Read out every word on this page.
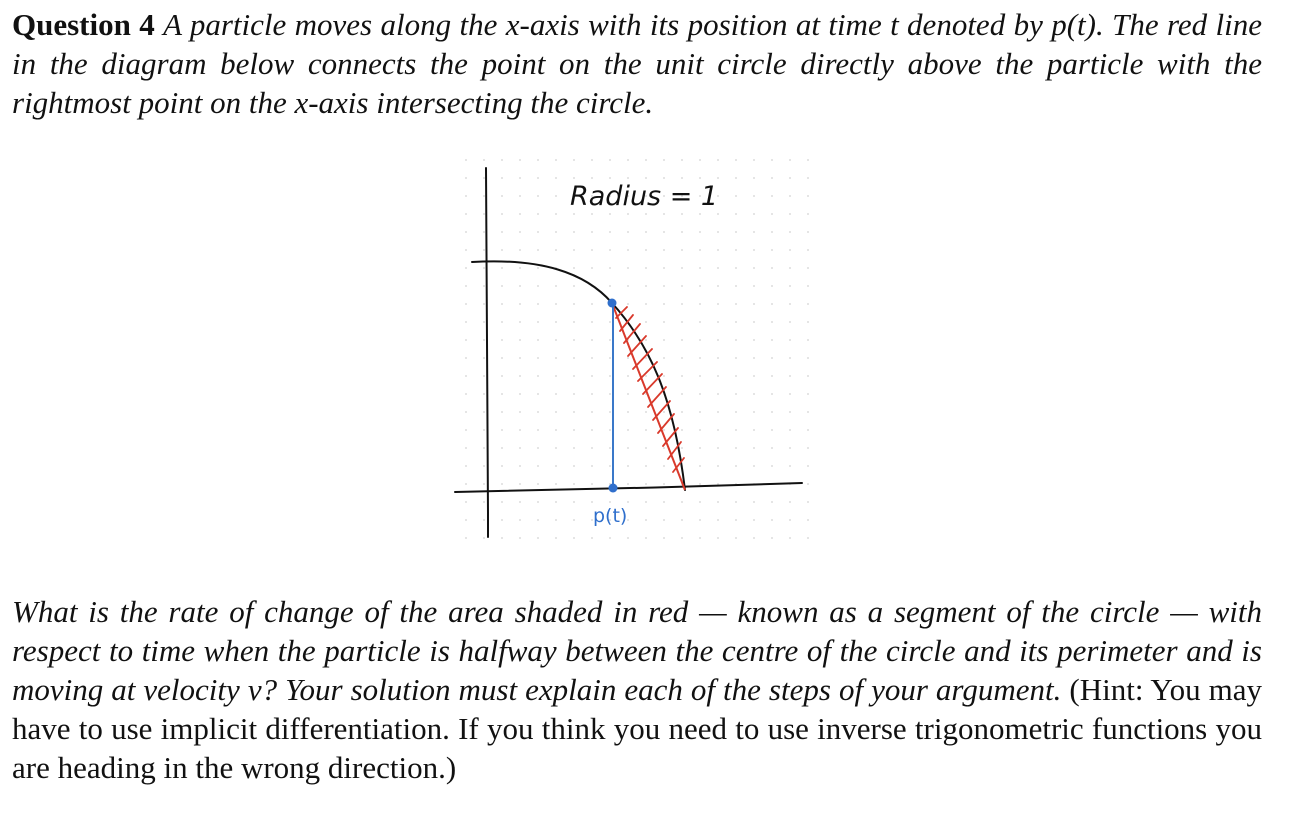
Question 4 A particle moves along the x-axis with its position at time t denoted by p(t). The red line in the diagram below connects the point on the unit circle directly above the particle with the rightmost point on the x-axis intersecting the circle.
Radius = 1
p(t)
What is the rate of change of the area shaded in red — known as a segment of the circle — with respect to time when the particle is halfway between the centre of the circle and its perimeter and is moving at velocity v? Your solution must explain each of the steps of your argument. (Hint: You may have to use implicit differentiation. If you think you need to use inverse trigonometric functions you are heading in the wrong direction.)
